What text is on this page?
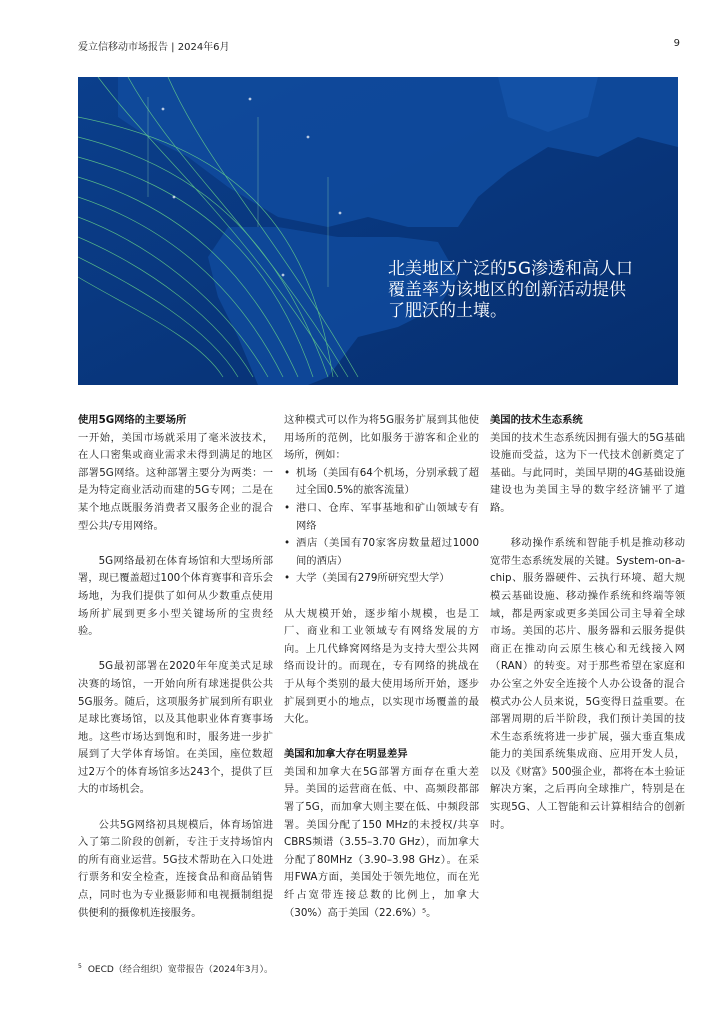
爱立信移动市场报告 | 2024年6月	9
北美地区广泛的5G渗透和高人口
覆盖率为该地区的创新活动提供
了肥沃的土壤。

使用5G网络的主要场所

一开始，美国市场就采用了毫米波技术，在人口密集或商业需求未得到满足的地区部署5G网络。这种部署主要分为两类：一是为特定商业活动而建的5G专网；二是在某个地点既服务消费者又服务企业的混合型公共/专用网络。

5G网络最初在体育场馆和大型场所部署，现已覆盖超过100个体育赛事和音乐会场地，为我们提供了如何从少数重点使用场所扩展到更多小型关键场所的宝贵经验。

5G最初部署在2020年年度美式足球决赛的场馆，一开始向所有球迷提供公共5G服务。随后，这项服务扩展到所有职业足球比赛场馆，以及其他职业体育赛事场地。这些市场达到饱和时，服务进一步扩展到了大学体育场馆。在美国，座位数超过2万个的体育场馆多达243个，提供了巨大的市场机会。

公共5G网络初具规模后，体育场馆进入了第二阶段的创新，专注于支持场馆内的所有商业运营。5G技术帮助在入口处进行票务和安全检查，连接食品和商品销售点，同时也为专业摄影师和电视摄制组提供便利的摄像机连接服务。

这种模式可以作为将5G服务扩展到其他使用场所的范例，比如服务于游客和企业的场所，例如：

• 机场（美国有64个机场，分别承载了超过全国0.5%的旅客流量）
• 港口、仓库、军事基地和矿山领域专有网络
• 酒店（美国有70家客房数量超过1000间的酒店）
• 大学（美国有279所研究型大学）

从大规模开始，逐步缩小规模，也是工厂、商业和工业领域专有网络发展的方向。上几代蜂窝网络是为支持大型公共网络而设计的。而现在，专有网络的挑战在于从每个类别的最大使用场所开始，逐步扩展到更小的地点，以实现市场覆盖的最大化。

美国和加拿大存在明显差异

美国和加拿大在5G部署方面存在重大差异。美国的运营商在低、中、高频段都部署了5G，而加拿大则主要在低、中频段部署。美国分配了150 MHz的未授权/共享CBRS频谱（3.55–3.70 GHz），而加拿大分配了80MHz（3.90–3.98 GHz）。在采用FWA方面，美国处于领先地位，而在光纤占宽带连接总数的比例上，加拿大（30%）高于美国（22.6%）⁵。

美国的技术生态系统

美国的技术生态系统因拥有强大的5G基础设施而受益，这为下一代技术创新奠定了基础。与此同时，美国早期的4G基础设施建设也为美国主导的数字经济铺平了道路。

移动操作系统和智能手机是推动移动宽带生态系统发展的关键。System-on-a-chip、服务器硬件、云执行环境、超大规模云基础设施、移动操作系统和终端等领域，都是两家或更多美国公司主导着全球市场。美国的芯片、服务器和云服务提供商正在推动向云原生核心和无线接入网（RAN）的转变。对于那些希望在家庭和办公室之外安全连接个人办公设备的混合模式办公人员来说，5G变得日益重要。在部署周期的后半阶段，我们预计美国的技术生态系统将进一步扩展，强大垂直集成能力的美国系统集成商、应用开发人员，以及《财富》500强企业，都将在本土验证解决方案，之后再向全球推广，特别是在实现5G、人工智能和云计算相结合的创新时。

$^5$ OECD（经合组织）宽带报告（2024年3月）。
